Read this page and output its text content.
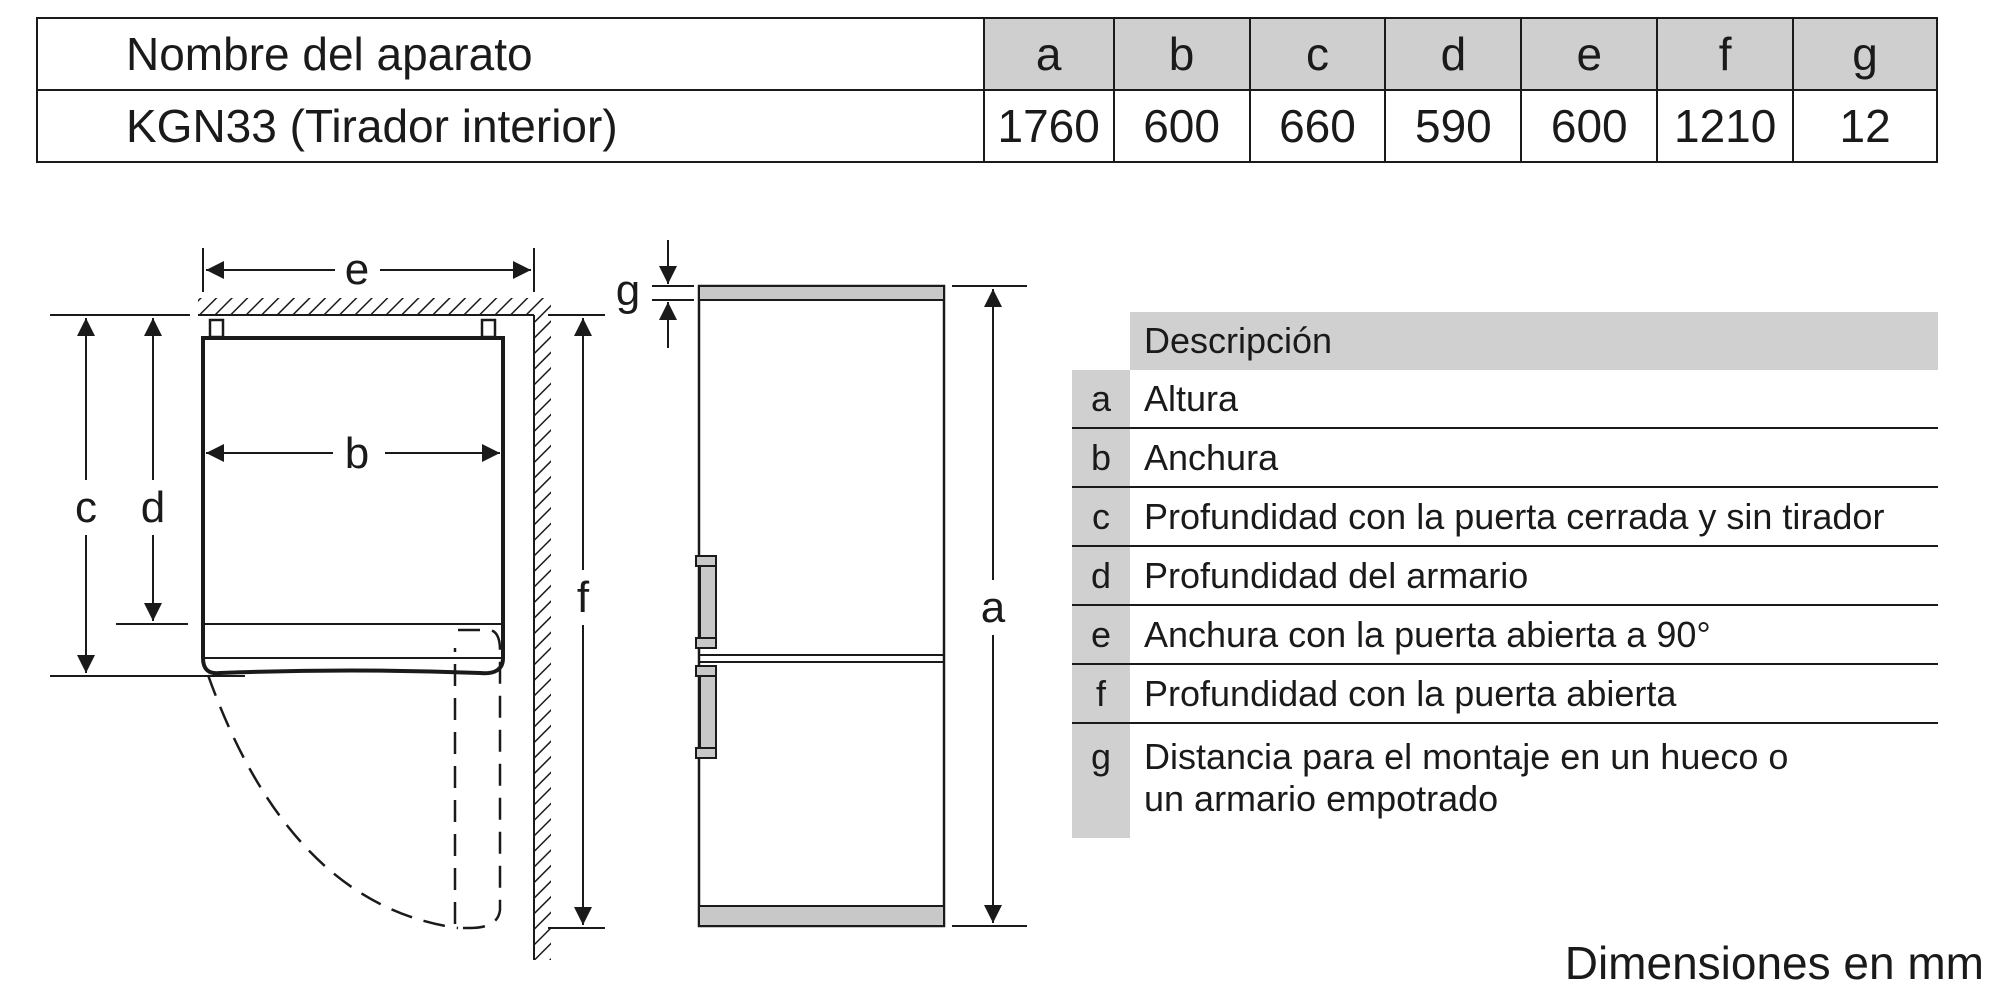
Nombre del aparato	a	b	c	d	e	f	g
KGN33 (Tirador interior)	1760	600	660	590	600	1210	12
e
b
c d
f
g
a
Descripción
a Altura
b Anchura
c Profundidad con la puerta cerrada y sin tirador
d Profundidad del armario
e Anchura con la puerta abierta a 90°
f	Profundidad con la puerta abierta
g Distancia para el montaje en un hueco o
un armario empotrado
Dimensiones en mm
